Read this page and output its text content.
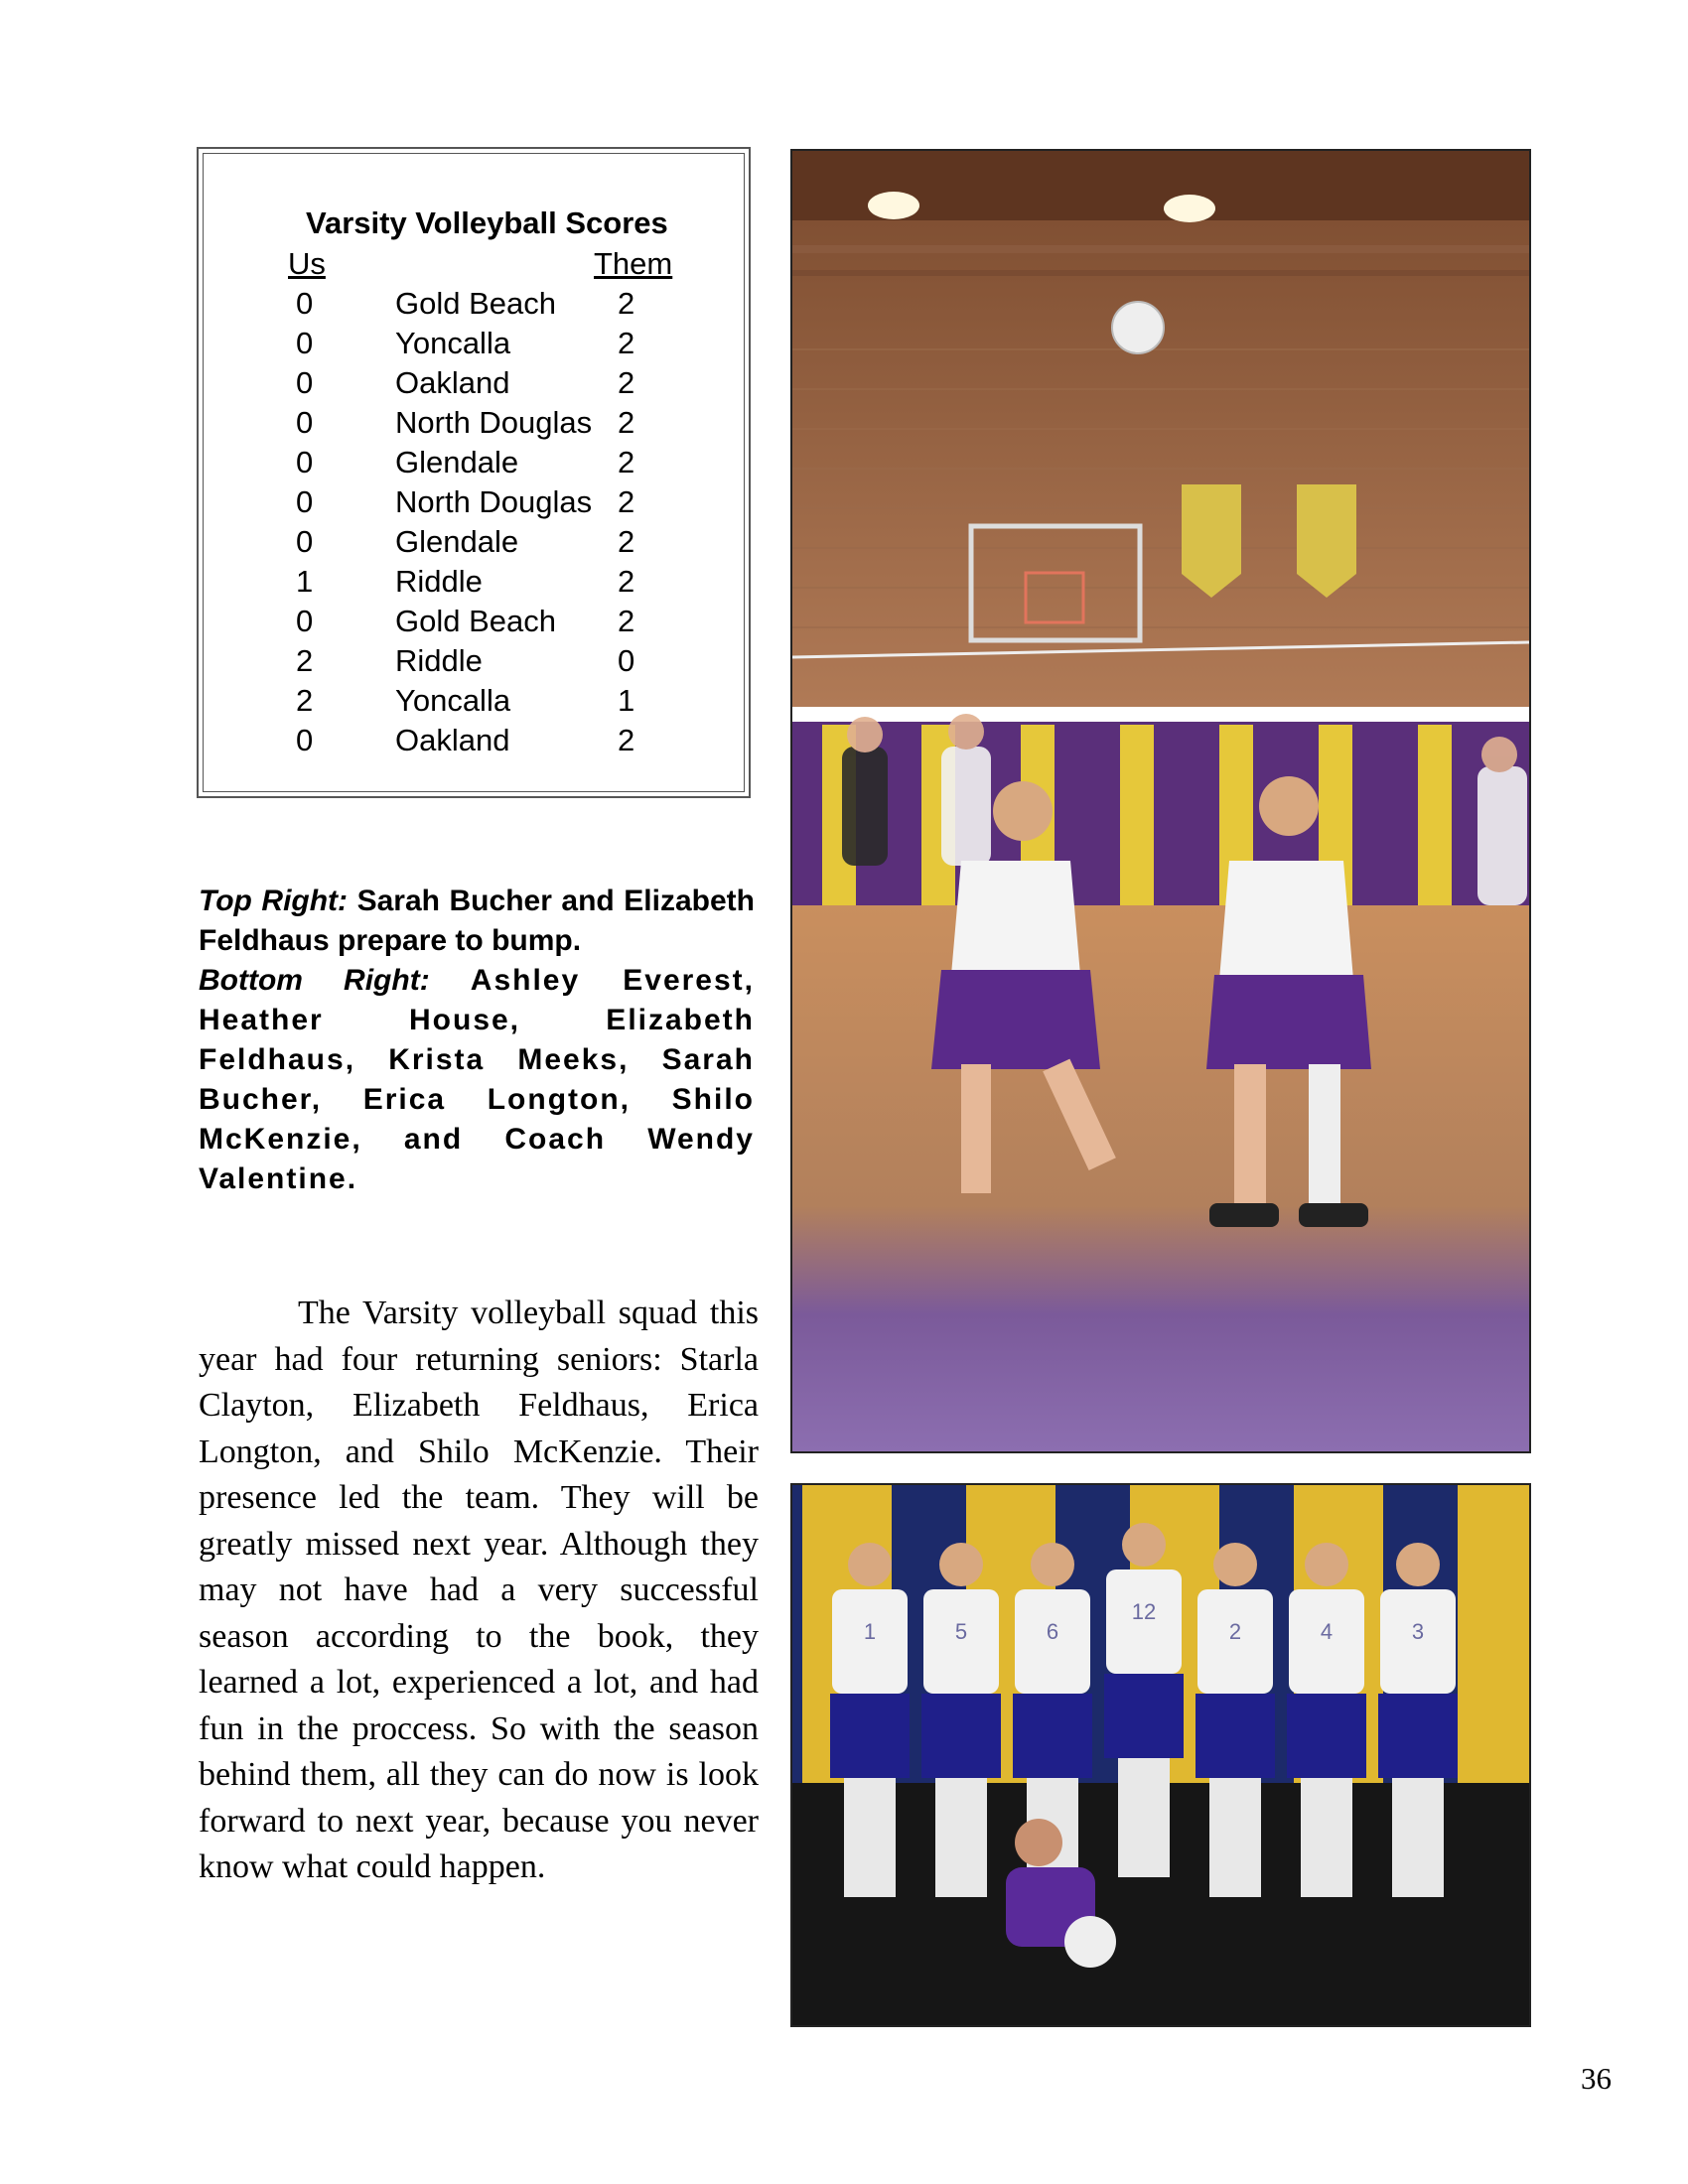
Varsity Volleyball Scores
Us		Them
0	Gold Beach	2
0	Yoncalla	2
0	Oakland	2
0	North Douglas	2
0	Glendale	2
0	North Douglas	2
0	Glendale	2
1	Riddle	2
0	Gold Beach	2
2	Riddle	0
2	Yoncalla	1
0	Oakland	2
Top Right: Sarah Bucher and Elizabeth Feldhaus prepare to bump.
Bottom Right: Ashley Everest, Heather House, Elizabeth Feldhaus, Krista Meeks, Sarah Bucher, Erica Longton, Shilo McKenzie, and Coach Wendy Valentine.

The Varsity volleyball squad this year had four returning seniors: Starla Clayton, Elizabeth Feldhaus, Erica Longton, and Shilo McKenzie. Their presence led the team. They will be greatly missed next year. Although they may not have had a very successful season according to the book, they learned a lot, experienced a lot, and had fun in the proccess. So with the season behind them, all they can do now is look forward to next year, because you never know what could happen.

1	5	6
12
2	4	3
36
